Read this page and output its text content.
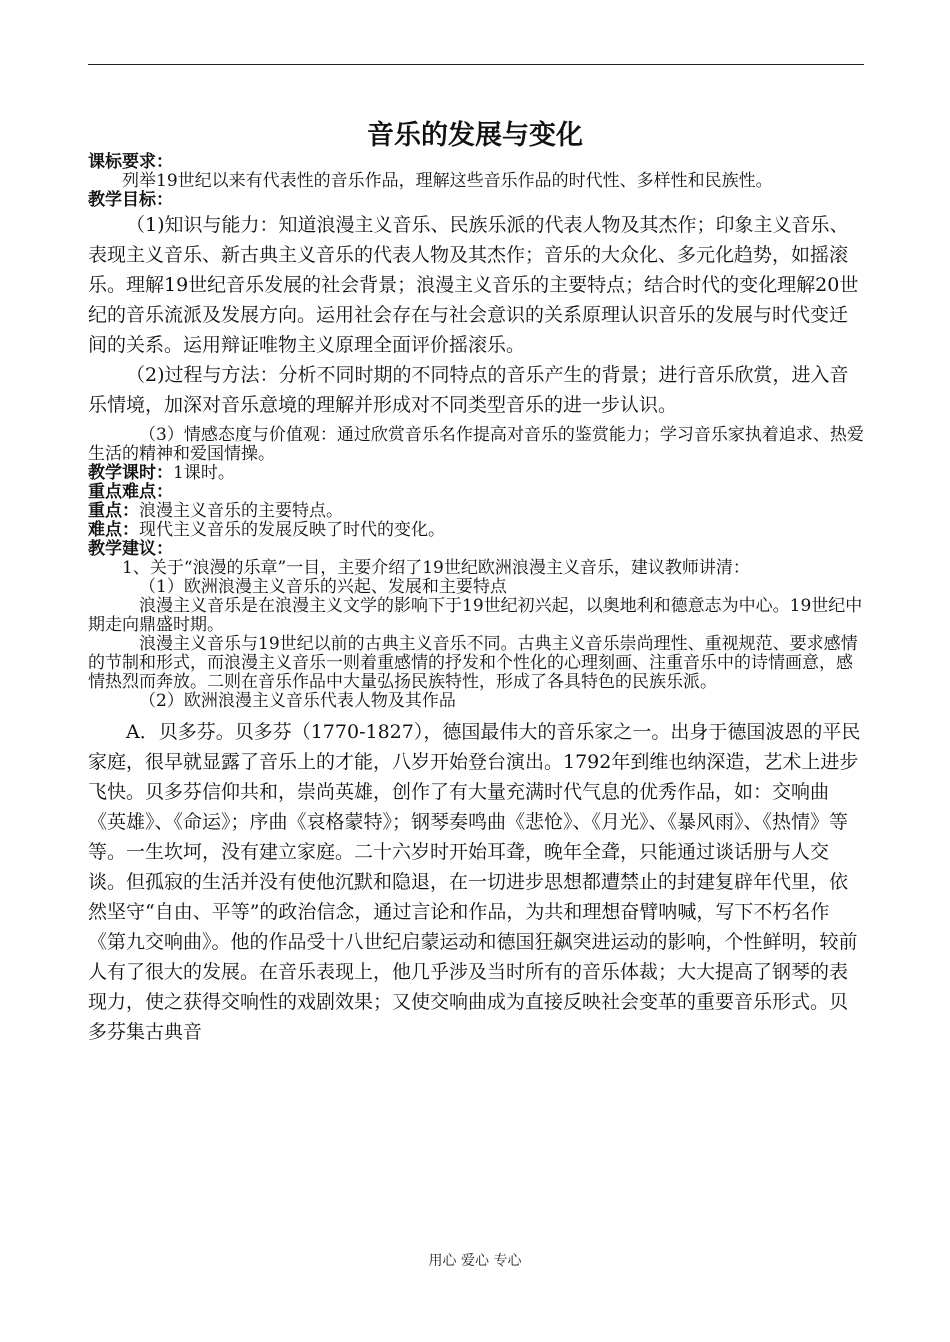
音乐的发展与变化
课标要求：
列举19世纪以来有代表性的音乐作品，理解这些音乐作品的时代性、多样性和民族性。
教学目标：
（1)知识与能力：知道浪漫主义音乐、民族乐派的代表人物及其杰作；印象主义音乐、表现主义音乐、新古典主义音乐的代表人物及其杰作；音乐的大众化、多元化趋势，如摇滚乐。理解19世纪音乐发展的社会背景；浪漫主义音乐的主要特点；结合时代的变化理解20世纪的音乐流派及发展方向。运用社会存在与社会意识的关系原理认识音乐的发展与时代变迁间的关系。运用辩证唯物主义原理全面评价摇滚乐。
（2)过程与方法：分析不同时期的不同特点的音乐产生的背景；进行音乐欣赏，进入音乐情境，加深对音乐意境的理解并形成对不同类型音乐的进一步认识。
（3）情感态度与价值观：通过欣赏音乐名作提高对音乐的鉴赏能力；学习音乐家执着追求、热爱生活的精神和爱国情操。
教学课时：1课时。
重点难点：
重点：浪漫主义音乐的主要特点。
难点：现代主义音乐的发展反映了时代的变化。
教学建议：
1、关于“浪漫的乐章”一目，主要介绍了19世纪欧洲浪漫主义音乐，建议教师讲清：
（1）欧洲浪漫主义音乐的兴起、发展和主要特点
浪漫主义音乐是在浪漫主义文学的影响下于19世纪初兴起，以奥地利和德意志为中心。19世纪中期走向鼎盛时期。
浪漫主义音乐与19世纪以前的古典主义音乐不同。古典主义音乐崇尚理性、重视规范、要求感情的节制和形式，而浪漫主义音乐一则着重感情的抒发和个性化的心理刻画、注重音乐中的诗情画意，感情热烈而奔放。二则在音乐作品中大量弘扬民族特性，形成了各具特色的民族乐派。
（2）欧洲浪漫主义音乐代表人物及其作品
A．贝多芬。贝多芬（1770-1827），德国最伟大的音乐家之一。出身于德国波恩的平民家庭，很早就显露了音乐上的才能，八岁开始登台演出。1792年到维也纳深造，艺术上进步飞快。贝多芬信仰共和，崇尚英雄，创作了有大量充满时代气息的优秀作品，如：交响曲《英雄》、《命运》；序曲《哀格蒙特》；钢琴奏鸣曲《悲怆》、《月光》、《暴风雨》、《热情》等等。一生坎坷，没有建立家庭。二十六岁时开始耳聋，晚年全聋，只能通过谈话册与人交谈。但孤寂的生活并没有使他沉默和隐退，在一切进步思想都遭禁止的封建复辟年代里，依然坚守“自由、平等”的政治信念，通过言论和作品，为共和理想奋臂呐喊，写下不朽名作《第九交响曲》。他的作品受十八世纪启蒙运动和德国狂飙突进运动的影响，个性鲜明，较前人有了很大的发展。在音乐表现上，他几乎涉及当时所有的音乐体裁；大大提高了钢琴的表现力，使之获得交响性的戏剧效果；又使交响曲成为直接反映社会变革的重要音乐形式。贝多芬集古典音
用心 爱心 专心
